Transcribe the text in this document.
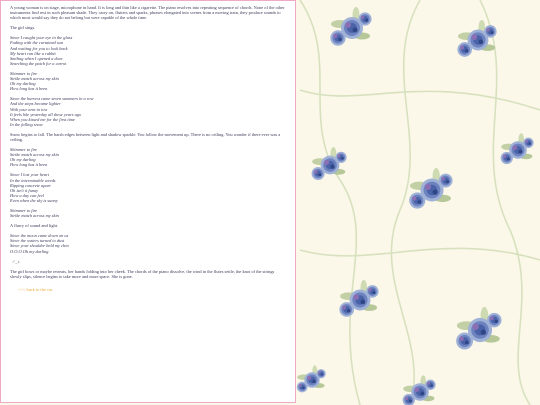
A young woman is on stage, microphone in hand. It is long and thin like a cigarette. The piano resolves into repeating sequence of chords. None of the other instruments find rest in such pleasant shade. They carry on, flutters and sparks, phrases elongated into scenes from a moving train, they produce sounds to which most would say they do not belong but were capable of the whole time.

The girl sings.

Since I caught your eye in the glass
Fading with the curtained sun
And waiting for you to look back
My heart ran like a rabbit
Smiling when I opened a door
Searching the patch for a carrot
Shimmer to fire
Strike match across my skin
Oh my darling
How long has it been
Since the harvest came seven summers in a row
And the steps became lighter
With your arm in tow
It feels like yesterday all these years ago
When you kissed me for the first time
In the falling snow

Snow begins to fall. The harsh edges between light and shadow sparkle. You follow the movement up. There is no ceiling. You wonder if there ever was a ceiling.

Shimmer to fire
Strike match across my skin
Oh my darling
How long has it been
Since I lost your heart
In the interminable weeds
Ripping concrete apart
Oh isn't it funny
How a day can feel
Even when the sky is sunny
Shimmer to fire
Strike match across my skin

A flurry of sound and light.

Since the moon came down on us
Since the waters turned to dust
Since your shoulder held my chin
O.O.O.Oh my darling
♂_♪

The girl bows or maybe retreats, her hands folding into her cheek. The chords of the piano dissolve, the wind in the flutes settle, the knot of the strings slowly slips, silence begins to take more and more space. She is gone.

<<< back to the car
